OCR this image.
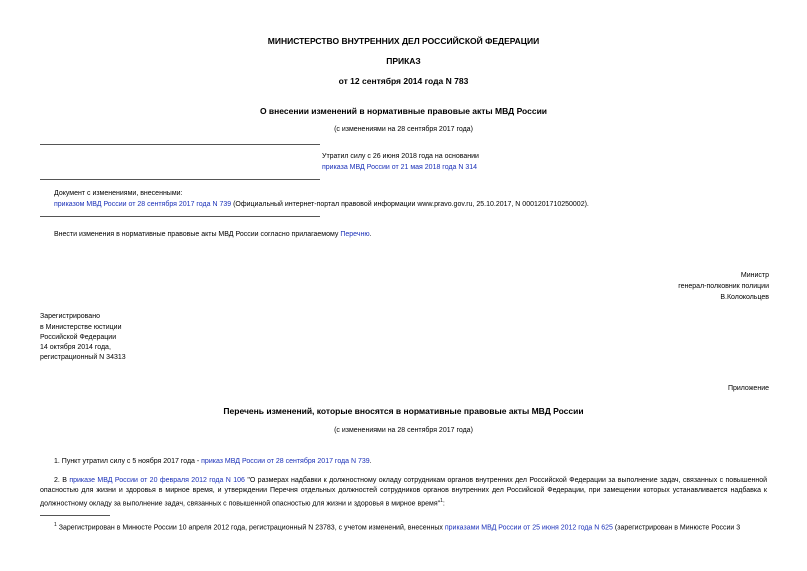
МИНИСТЕРСТВО ВНУТРЕННИХ ДЕЛ РОССИЙСКОЙ ФЕДЕРАЦИИ
ПРИКАЗ
от 12 сентября 2014 года N 783
О внесении изменений в нормативные правовые акты МВД России
(с изменениями на 28 сентября 2017 года)
Утратил силу с 26 июня 2018 года на основании
приказа МВД России от 21 мая 2018 года N 314
Документ с изменениями, внесенными:
приказом МВД России от 28 сентября 2017 года N 739 (Официальный интернет-портал правовой информации www.pravo.gov.ru, 25.10.2017, N 0001201710250002).
Внести изменения в нормативные правовые акты МВД России согласно прилагаемому Перечню.
Министр
генерал-полковник полиции
В.Колокольцев
Зарегистрировано
в Министерстве юстиции
Российской Федерации
14 октября 2014 года,
регистрационный N 34313
Приложение
Перечень изменений, которые вносятся в нормативные правовые акты МВД России
(с изменениями на 28 сентября 2017 года)
1. Пункт утратил силу с 5 ноября 2017 года - приказ МВД России от 28 сентября 2017 года N 739.
2. В приказе МВД России от 20 февраля 2012 года N 106 "О размерах надбавки к должностному окладу сотрудникам органов внутренних дел Российской Федерации за выполнение задач, связанных с повышенной опасностью для жизни и здоровья в мирное время, и утверждении Перечня отдельных должностей сотрудников органов внутренних дел Российской Федерации, при замещении которых устанавливается надбавка к должностному окладу за выполнение задач, связанных с повышенной опасностью для жизни и здоровья в мирное время"$^1$:
$^1$ Зарегистрирован в Минюсте России 10 апреля 2012 года, регистрационный N 23783, с учетом изменений, внесенных приказами МВД России от 25 июня 2012 года N 625 (зарегистрирован в Минюсте России 3
